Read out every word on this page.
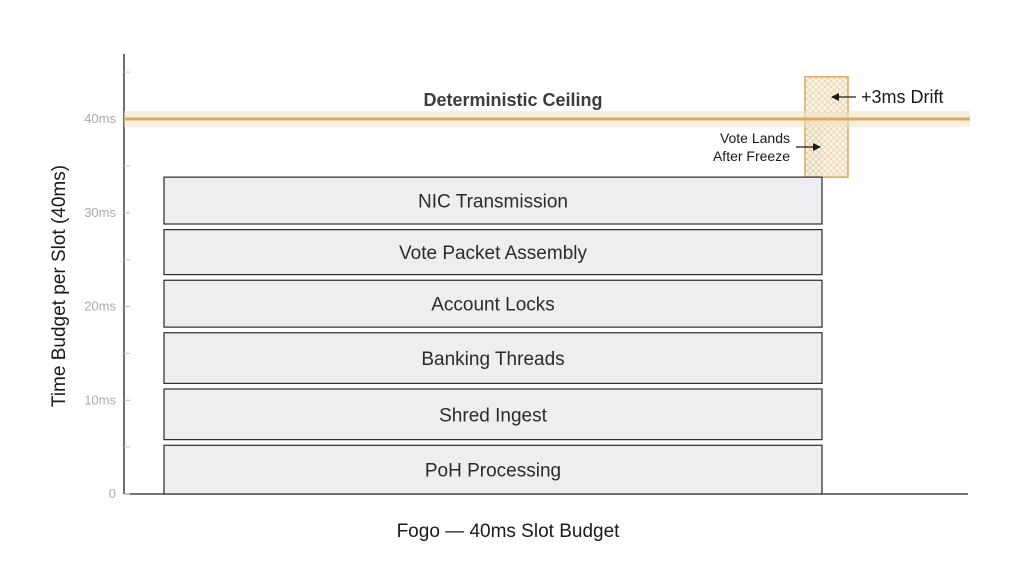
0
10ms
20ms
30ms
40ms
PoH Processing
Shred Ingest
Banking Threads
Account Locks
Vote Packet Assembly
NIC Transmission
Deterministic Ceiling	+3ms Drift
Vote Lands
After Freeze
Time Budget per Slot (40ms)
Fogo — 40ms Slot Budget
